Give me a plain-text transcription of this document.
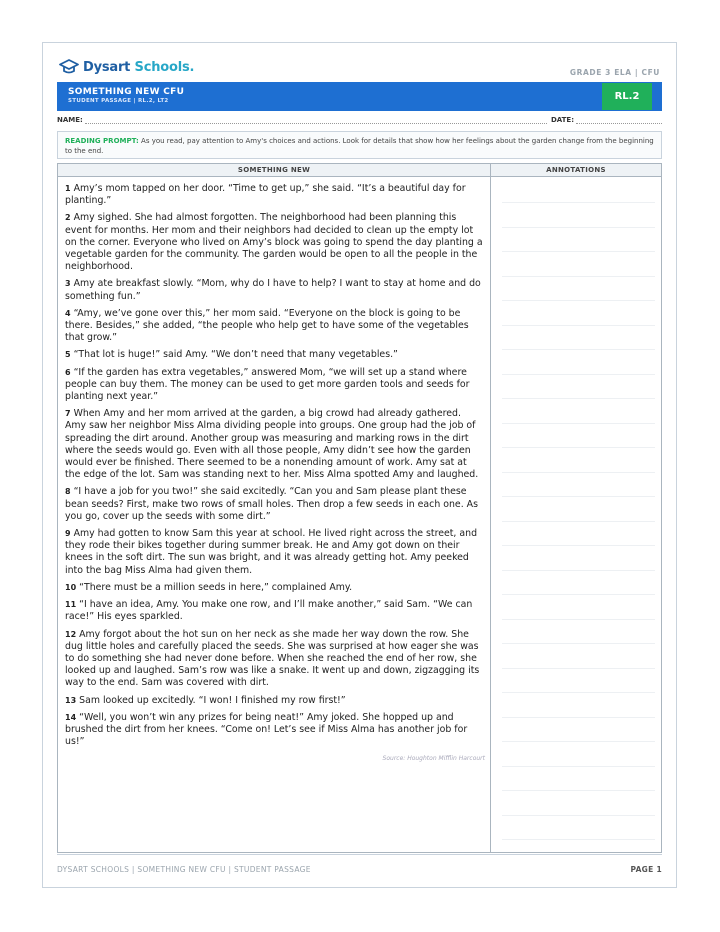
Dysart Schools.	GRADE 3 ELA | CFU
SOMETHING NEW CFU
STUDENT PASSAGE | RL.2, LT2	RL.2
NAME:	DATE:
READING PROMPT: As you read, pay attention to Amy's choices and actions. Look for details that show how her feelings about the garden change from the beginning to the end.
SOMETHING NEW	ANNOTATIONS

1 Amy’s mom tapped on her door. “Time to get up,” she said. “It’s a beautiful day for planting.”

2 Amy sighed. She had almost forgotten. The neighborhood had been planning this event for months. Her mom and their neighbors had decided to clean up the empty lot on the corner. Everyone who lived on Amy’s block was going to spend the day planting a vegetable garden for the community. The garden would be open to all the people in the neighborhood.

3 Amy ate breakfast slowly. “Mom, why do I have to help? I want to stay at home and do something fun.”

4 “Amy, we’ve gone over this,” her mom said. “Everyone on the block is going to be there. Besides,” she added, “the people who help get to have some of the vegetables that grow.”

5 “That lot is huge!” said Amy. “We don’t need that many vegetables.”

6 “If the garden has extra vegetables,” answered Mom, “we will set up a stand where people can buy them. The money can be used to get more garden tools and seeds for planting next year.”

7 When Amy and her mom arrived at the garden, a big crowd had already gathered. Amy saw her neighbor Miss Alma dividing people into groups. One group had the job of spreading the dirt around. Another group was measuring and marking rows in the dirt where the seeds would go. Even with all those people, Amy didn’t see how the garden would ever be finished. There seemed to be a nonending amount of work. Amy sat at the edge of the lot. Sam was standing next to her. Miss Alma spotted Amy and laughed.

8 “I have a job for you two!” she said excitedly. “Can you and Sam please plant these bean seeds? First, make two rows of small holes. Then drop a few seeds in each one. As you go, cover up the seeds with some dirt.”

9 Amy had gotten to know Sam this year at school. He lived right across the street, and they rode their bikes together during summer break. He and Amy got down on their knees in the soft dirt. The sun was bright, and it was already getting hot. Amy peeked into the bag Miss Alma had given them.

10 “There must be a million seeds in here,” complained Amy.

11 “I have an idea, Amy. You make one row, and I’ll make another,” said Sam. “We can race!” His eyes sparkled.

12 Amy forgot about the hot sun on her neck as she made her way down the row. She dug little holes and carefully placed the seeds. She was surprised at how eager she was to do something she had never done before. When she reached the end of her row, she looked up and laughed. Sam’s row was like a snake. It went up and down, zigzagging its way to the end. Sam was covered with dirt.

13 Sam looked up excitedly. “I won! I finished my row first!”

14 “Well, you won’t win any prizes for being neat!” Amy joked. She hopped up and brushed the dirt from her knees. “Come on! Let’s see if Miss Alma has another job for us!”

Source: Houghton Mifflin Harcourt
DYSART SCHOOLS | SOMETHING NEW CFU | STUDENT PASSAGE	PAGE 1
